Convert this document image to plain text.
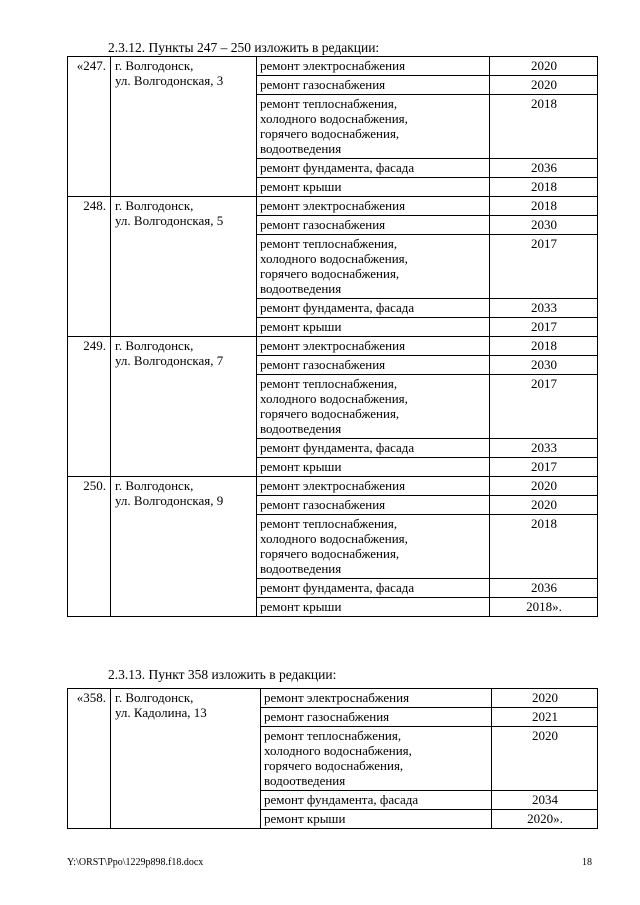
2.3.12. Пункты 247 – 250 изложить в редакции:
«247.	г. Волгодонск,
ул. Волгодонская, 3	ремонт электроснабжения	2020

		ремонт газоснабжения	2020

		ремонт теплоснабжения,
холодного водоснабжения,
горячего водоснабжения,
водоотведения	2018

		ремонт фундамента, фасада	2036

		ремонт крыши	2018
248.	г. Волгодонск,
ул. Волгодонская, 5	ремонт электроснабжения	2018

		ремонт газоснабжения	2030

		ремонт теплоснабжения,
холодного водоснабжения,
горячего водоснабжения,
водоотведения	2017

		ремонт фундамента, фасада	2033

		ремонт крыши	2017
249.	г. Волгодонск,
ул. Волгодонская, 7	ремонт электроснабжения	2018

		ремонт газоснабжения	2030

		ремонт теплоснабжения,
холодного водоснабжения,
горячего водоснабжения,
водоотведения	2017

		ремонт фундамента, фасада	2033

		ремонт крыши	2017
250.	г. Волгодонск,
ул. Волгодонская, 9	ремонт электроснабжения	2020

		ремонт газоснабжения	2020

		ремонт теплоснабжения,
холодного водоснабжения,
горячего водоснабжения,
водоотведения	2018

		ремонт фундамента, фасада	2036

		ремонт крыши	2018».
2.3.13. Пункт 358 изложить в редакции:
«358.	г. Волгодонск,
ул. Кадолина, 13	ремонт электроснабжения	2020

		ремонт газоснабжения	2021

		ремонт теплоснабжения,
холодного водоснабжения,
горячего водоснабжения,
водоотведения	2020

		ремонт фундамента, фасада	2034

		ремонт крыши	2020».
Y:\ORST\Ppo\1229p898.f18.docx	18
